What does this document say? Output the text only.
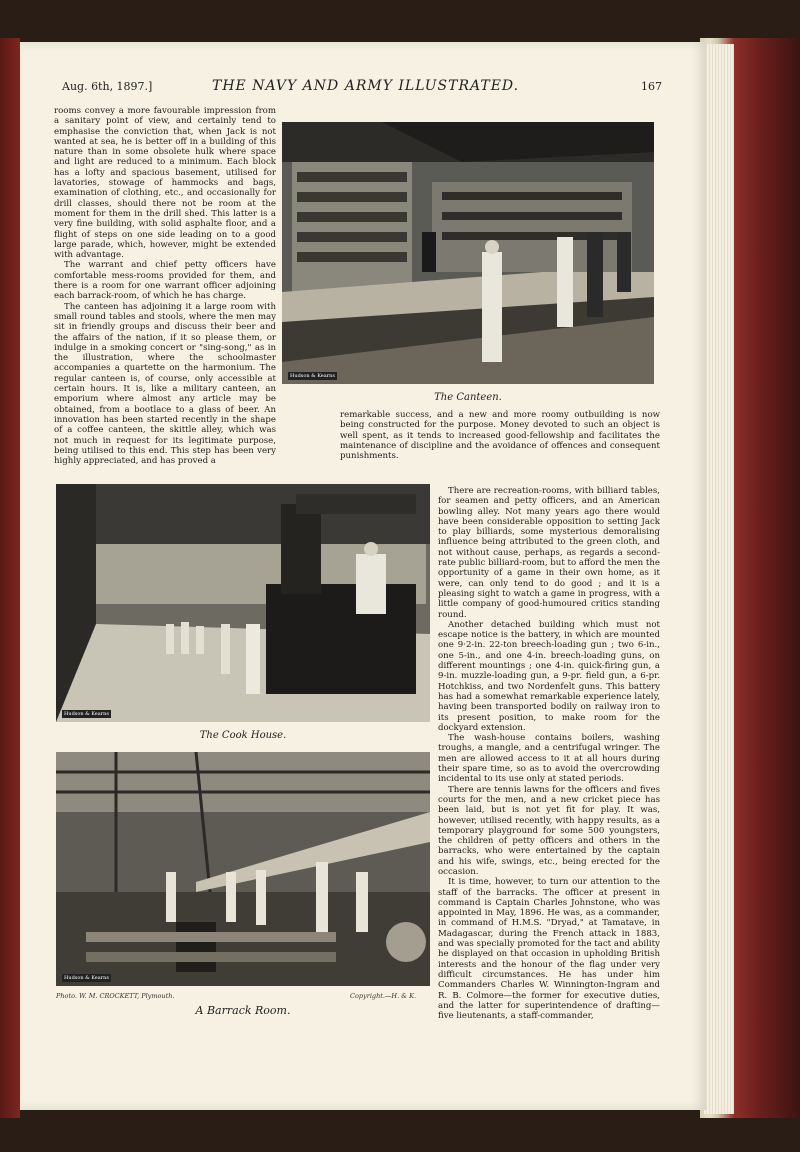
Aug. 6th, 1897.]	THE NAVY AND ARMY ILLUSTRATED.	167

rooms convey a more favourable impression from a sanitary point of view, and certainly tend to emphasise the conviction that, when Jack is not wanted at sea, he is better off in a building of this nature than in some obsolete hulk where space and light are reduced to a minimum. Each block has a lofty and spacious basement, utilised for lavatories, stowage of hammocks and bags, examination of clothing, etc., and occasionally for drill classes, should there not be room at the moment for them in the drill shed. This latter is a very fine building, with solid asphalte floor, and a flight of steps on one side leading on to a good large parade, which, however, might be extended with advantage.

The warrant and chief petty officers have comfortable mess-rooms provided for them, and there is a room for one warrant officer adjoining each barrack-room, of which he has charge.

The canteen has adjoining it a large room with small round tables and stools, where the men may sit in friendly groups and discuss their beer and the affairs of the nation, if it so please them, or indulge in a smoking concert or "sing-song," as in the illustration, where the schoolmaster accompanies a quartette on the harmonium. The regular canteen is, of course, only accessible at certain hours. It is, like a military canteen, an emporium where almost any article may be obtained, from a bootlace to a glass of beer. An innovation has been started recently in the shape of a coffee canteen, the skittle alley, which was not much in request for its legitimate purpose, being utilised to this end. This step has been very highly appreciated, and has proved a

Hudson & Kearns
The Canteen.

remarkable success, and a new and more roomy outbuilding is now being constructed for the purpose. Money devoted to such an object is well spent, as it tends to increased good-fellowship and facilitates the maintenance of discipline and the avoidance of offences and consequent punishments.

Hudson & Kearns
The Cook House.
Hudson & Kearns
Photo. W. M. CROCKETT, Plymouth.	Copyright.—H. & K.
A Barrack Room.

There are recreation-rooms, with billiard tables, for seamen and petty officers, and an American bowling alley. Not many years ago there would have been considerable opposition to setting Jack to play billiards, some mysterious demoralising influence being attributed to the green cloth, and not without cause, perhaps, as regards a second-rate public billiard-room, but to afford the men the opportunity of a game in their own home, as it were, can only tend to do good ; and it is a pleasing sight to watch a game in progress, with a little company of good-humoured critics standing round.

Another detached building which must not escape notice is the battery, in which are mounted one 9·2-in. 22-ton breech-loading gun ; two 6-in., one 5-in., and one 4-in. breech-loading guns, on different mountings ; one 4-in. quick-firing gun, a 9-in. muzzle-loading gun, a 9-pr. field gun, a 6-pr. Hotchkiss, and two Nordenfelt guns. This battery has had a somewhat remarkable experience lately, having been transported bodily on railway iron to its present position, to make room for the dockyard extension.

The wash-house contains boilers, washing troughs, a mangle, and a centrifugal wringer. The men are allowed access to it at all hours during their spare time, so as to avoid the overcrowding incidental to its use only at stated periods.

There are tennis lawns for the officers and fives courts for the men, and a new cricket piece has been laid, but is not yet fit for play. It was, however, utilised recently, with happy results, as a temporary playground for some 500 youngsters, the children of petty officers and others in the barracks, who were entertained by the captain and his wife, swings, etc., being erected for the occasion.

It is time, however, to turn our attention to the staff of the barracks. The officer at present in command is Captain Charles Johnstone, who was appointed in May, 1896. He was, as a commander, in command of H.M.S. "Dryad," at Tamatave, in Madagascar, during the French attack in 1883, and was specially promoted for the tact and ability he displayed on that occasion in upholding British interests and the honour of the flag under very difficult circumstances. He has under him Commanders Charles W. Winnington-Ingram and R. B. Colmore—the former for executive duties, and the latter for superintendence of drafting—five lieutenants, a staff-commander,
